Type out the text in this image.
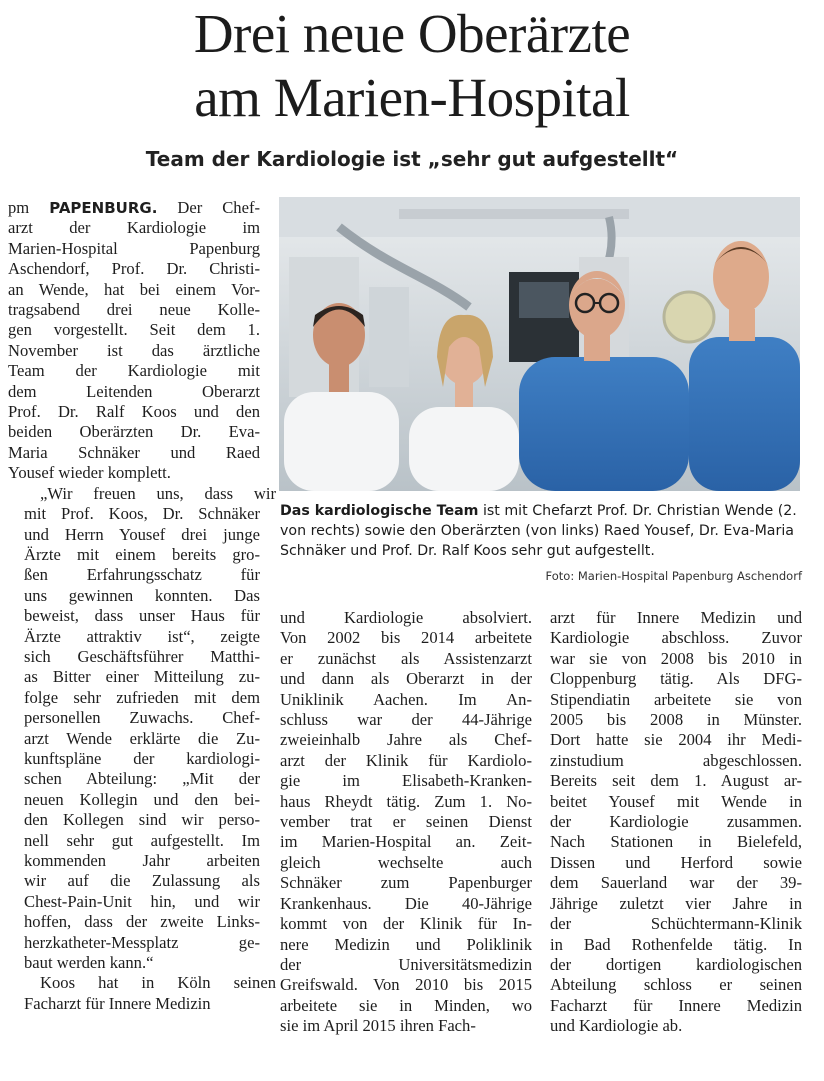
Drei neue Oberärzte
am Marien-Hospital
Team der Kardiologie ist „sehr gut aufgestellt“

pm PAPENBURG. Der Chef-arzt der Kardiologie imMarien-Hospital PapenburgAschendorf, Prof. Dr. Christi-an Wende, hat bei einem Vor-tragsabend drei neue Kolle-gen vorgestellt. Seit dem 1.November ist das ärztlicheTeam der Kardiologie mitdem Leitenden OberarztProf. Dr. Ralf Koos und denbeiden Oberärzten Dr. Eva-Maria Schnäker und RaedYousef wieder komplett.

„Wir freuen uns, dass wirmit Prof. Koos, Dr. Schnäkerund Herrn Yousef drei jungeÄrzte mit einem bereits gro-ßen Erfahrungsschatz füruns gewinnen konnten. Dasbeweist, dass unser Haus fürÄrzte attraktiv ist“, zeigtesich Geschäftsführer Matthi-as Bitter einer Mitteilung zu-folge sehr zufrieden mit dempersonellen Zuwachs. Chef-arzt Wende erklärte die Zu-kunftspläne der kardiologi-schen Abteilung: „Mit derneuen Kollegin und den bei-den Kollegen sind wir perso-nell sehr gut aufgestellt. Imkommenden Jahr arbeitenwir auf die Zulassung alsChest-Pain-Unit hin, und wirhoffen, dass der zweite Links-herzkatheter-Messplatz ge-baut werden kann.“

Koos hat in Köln seinenFacharzt für Innere Medizin

Das kardiologische Team ist mit Chefarzt Prof. Dr. Christian Wende (2. von rechts) sowie den Oberärzten (von links) Raed Yousef, Dr. Eva-Maria Schnäker und Prof. Dr. Ralf Koos sehr gut aufgestellt.
Foto: Marien-Hospital Papenburg Aschendorf
und Kardiologie absolviert.Von 2002 bis 2014 arbeiteteer zunächst als Assistenzarztund dann als Oberarzt in derUniklinik Aachen. Im An-schluss war der 44-Jährigezweieinhalb Jahre als Chef-arzt der Klinik für Kardiolo-gie im Elisabeth-Kranken-haus Rheydt tätig. Zum 1. No-vember trat er seinen Dienstim Marien-Hospital an. Zeit-gleich wechselte auchSchnäker zum PapenburgerKrankenhaus. Die 40-Jährigekommt von der Klinik für In-nere Medizin und Poliklinikder UniversitätsmedizinGreifswald. Von 2010 bis 2015arbeitete sie in Minden, wosie im April 2015 ihren Fach-
arzt für Innere Medizin undKardiologie abschloss. Zuvorwar sie von 2008 bis 2010 inCloppenburg tätig. Als DFG-Stipendiatin arbeitete sie von2005 bis 2008 in Münster.Dort hatte sie 2004 ihr Medi-zinstudium abgeschlossen.Bereits seit dem 1. August ar-beitet Yousef mit Wende inder Kardiologie zusammen.Nach Stationen in Bielefeld,Dissen und Herford sowiedem Sauerland war der 39-Jährige zuletzt vier Jahre inder Schüchtermann-Klinikin Bad Rothenfelde tätig. Inder dortigen kardiologischenAbteilung schloss er seinenFacharzt für Innere Medizinund Kardiologie ab.
